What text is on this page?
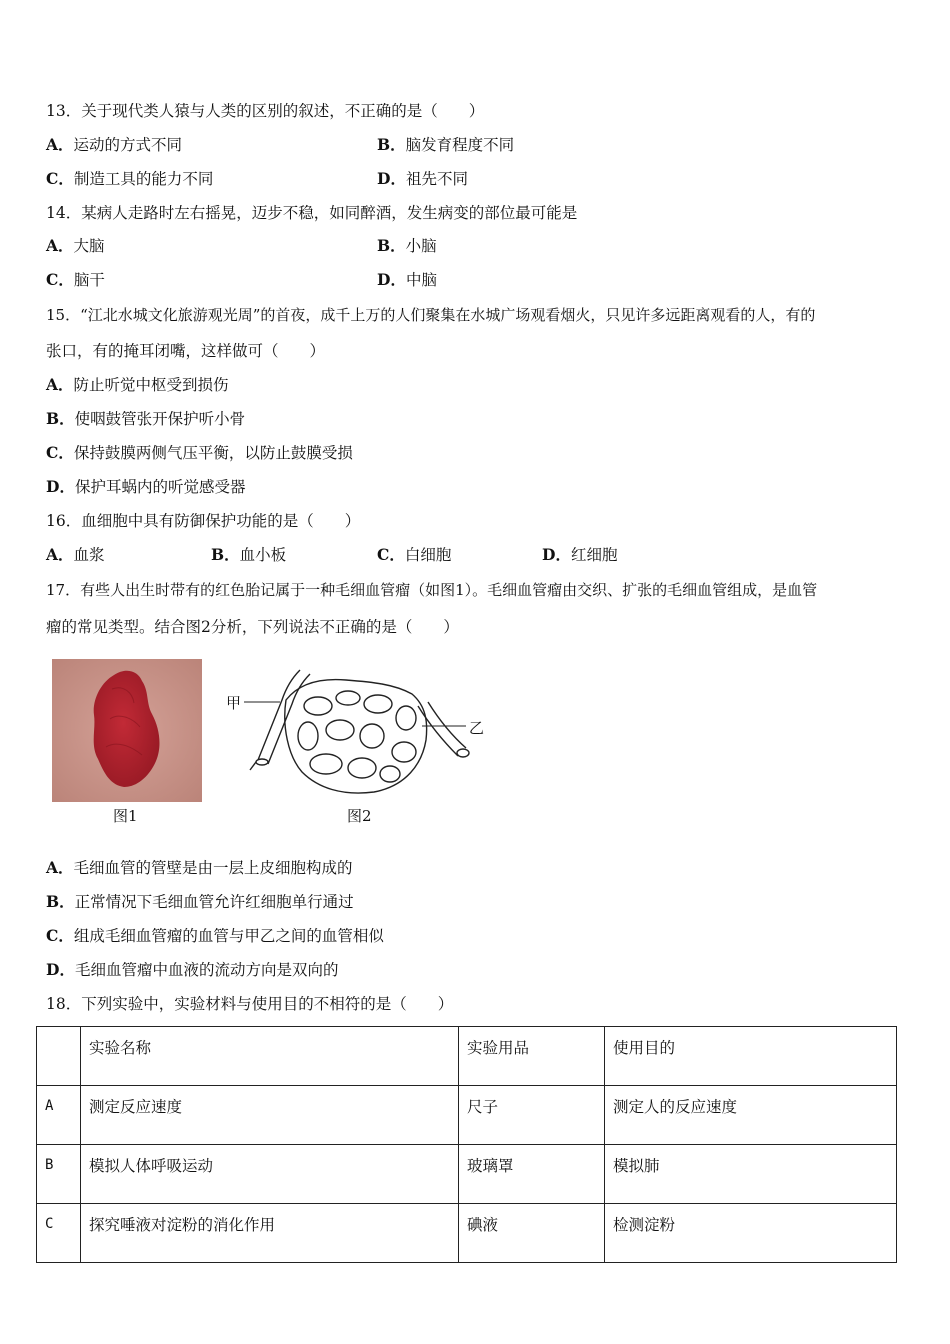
13．关于现代类人猿与人类的区别的叙述，不正确的是（　　）
A．运动的方式不同	B．脑发育程度不同
C．制造工具的能力不同	D．祖先不同
14．某病人走路时左右摇晃，迈步不稳，如同醉酒，发生病变的部位最可能是
A．大脑	B．小脑
C．脑干	D．中脑
15．“江北水城文化旅游观光周”的首夜，成千上万的人们聚集在水城广场观看烟火，只见许多远距离观看的人，有的
张口，有的掩耳闭嘴，这样做可（　　）
A．防止听觉中枢受到损伤
B．使咽鼓管张开保护听小骨
C．保持鼓膜两侧气压平衡，以防止鼓膜受损
D．保护耳蜗内的听觉感受器
16．血细胞中具有防御保护功能的是（　　）
A．血浆	B．血小板	C．白细胞	D．红细胞
17．有些人出生时带有的红色胎记属于一种毛细血管瘤（如图1）。毛细血管瘤由交织、扩张的毛细血管组成，是血管
瘤的常见类型。结合图2分析，下列说法不正确的是（　　）
图1
甲
乙
图2
A．毛细血管的管壁是由一层上皮细胞构成的
B．正常情况下毛细血管允许红细胞单行通过
C．组成毛细血管瘤的血管与甲乙之间的血管相似
D．毛细血管瘤中血液的流动方向是双向的
18．下列实验中，实验材料与使用目的不相符的是（　　）
	实验名称	实验用品	使用目的
A	测定反应速度	尺子	测定人的反应速度
B	模拟人体呼吸运动	玻璃罩	模拟肺
C	探究唾液对淀粉的消化作用	碘液	检测淀粉
